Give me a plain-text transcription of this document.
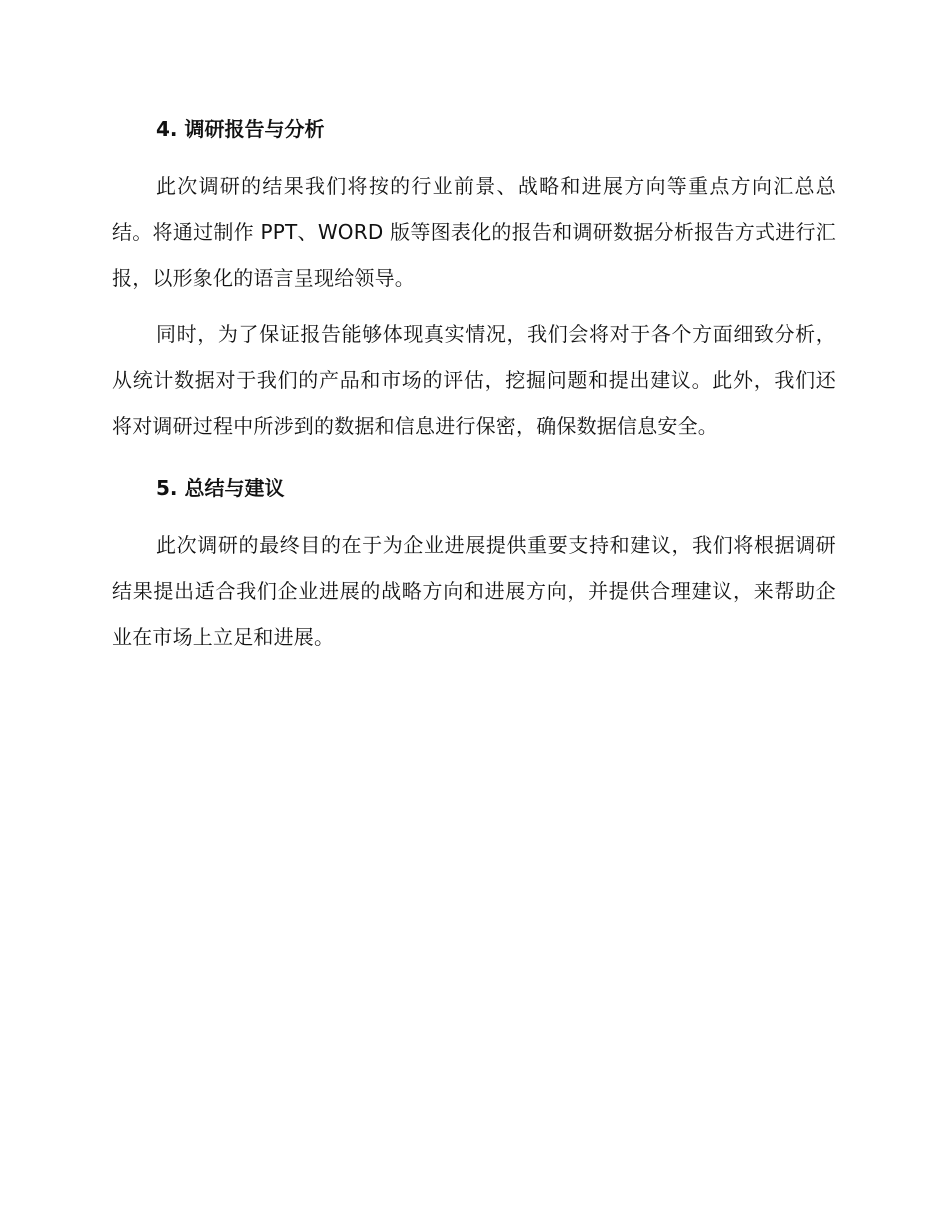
4. 调研报告与分析

此次调研的结果我们将按的行业前景、战略和进展方向等重点方向汇总总结。将通过制作 PPT、WORD 版等图表化的报告和调研数据分析报告方式进行汇报，以形象化的语言呈现给领导。

同时，为了保证报告能够体现真实情况，我们会将对于各个方面细致分析，从统计数据对于我们的产品和市场的评估，挖掘问题和提出建议。此外，我们还将对调研过程中所涉到的数据和信息进行保密，确保数据信息安全。

5. 总结与建议

此次调研的最终目的在于为企业进展提供重要支持和建议，我们将根据调研结果提出适合我们企业进展的战略方向和进展方向，并提供合理建议，来帮助企业在市场上立足和进展。
